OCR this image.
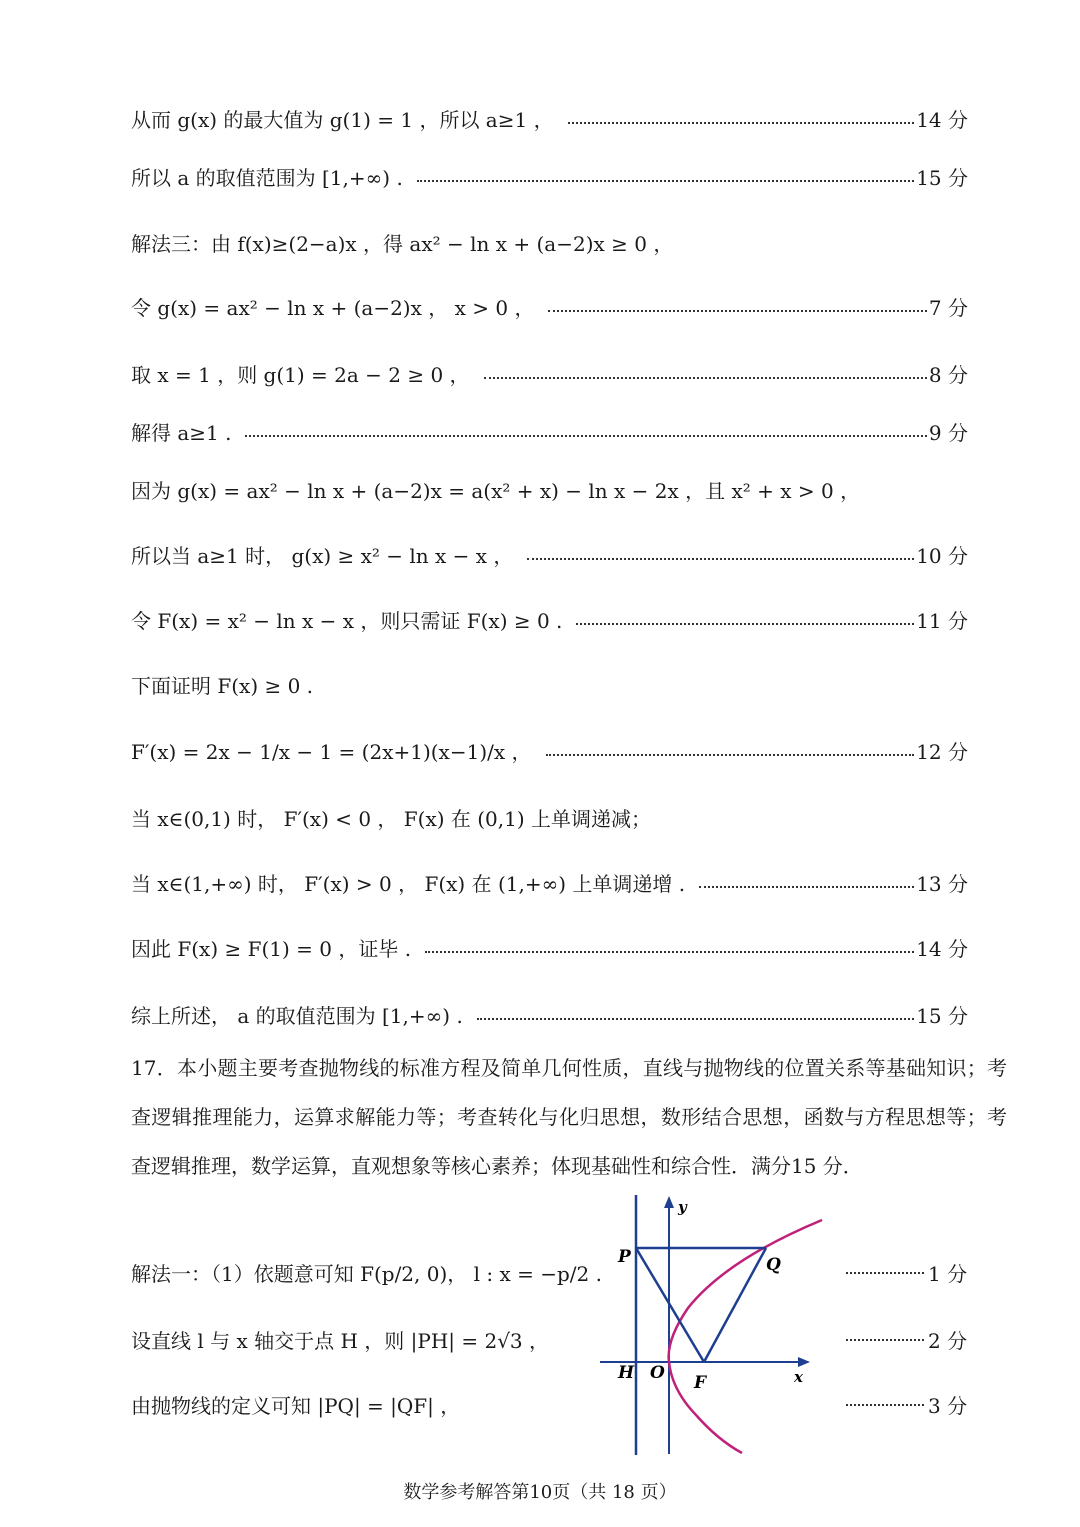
从而 g(x) 的最大值为 g(1) = 1 ，所以 a≥1 ，	14 分
所以 a 的取值范围为 [1,+∞) .	15 分
解法三：由 f(x)≥(2−a)x ，得 ax² − ln x + (a−2)x ≥ 0 ，
令 g(x) = ax² − ln x + (a−2)x ， x > 0 ，	7 分
取 x = 1 ，则 g(1) = 2a − 2 ≥ 0 ，	8 分
解得 a≥1 .	9 分
因为 g(x) = ax² − ln x + (a−2)x = a(x² + x) − ln x − 2x ，且 x² + x > 0 ，
所以当 a≥1 时， g(x) ≥ x² − ln x − x ，	10 分
令 F(x) = x² − ln x − x ，则只需证 F(x) ≥ 0 .	11 分
下面证明 F(x) ≥ 0 .
F′(x) = 2x − 1/x − 1 = (2x+1)(x−1)/x ，	12 分
当 x∈(0,1) 时， F′(x) < 0 ， F(x) 在 (0,1) 上单调递减；
当 x∈(1,+∞) 时， F′(x) > 0 ， F(x) 在 (1,+∞) 上单调递增 .	13 分
因此 F(x) ≥ F(1) = 0 ，证毕 .	14 分
综上所述， a 的取值范围为 [1,+∞) .	15 分
17．本小题主要考查抛物线的标准方程及简单几何性质，直线与抛物线的位置关系等基础知识；考查逻辑推理能力，运算求解能力等；考查转化与化归思想，数形结合思想，函数与方程思想等；考查逻辑推理，数学运算，直观想象等核心素养；体现基础性和综合性．满分15 分．
解法一：（1）依题意可知 F(p/2, 0)， l : x = −p/2 .	1 分
设直线 l 与 x 轴交于点 H ，则 |PH| = 2√3 ，	2 分
由抛物线的定义可知 |PQ| = |QF| ，	3 分
y
x
P	Q
H O F
数学参考解答第10页（共 18 页）
